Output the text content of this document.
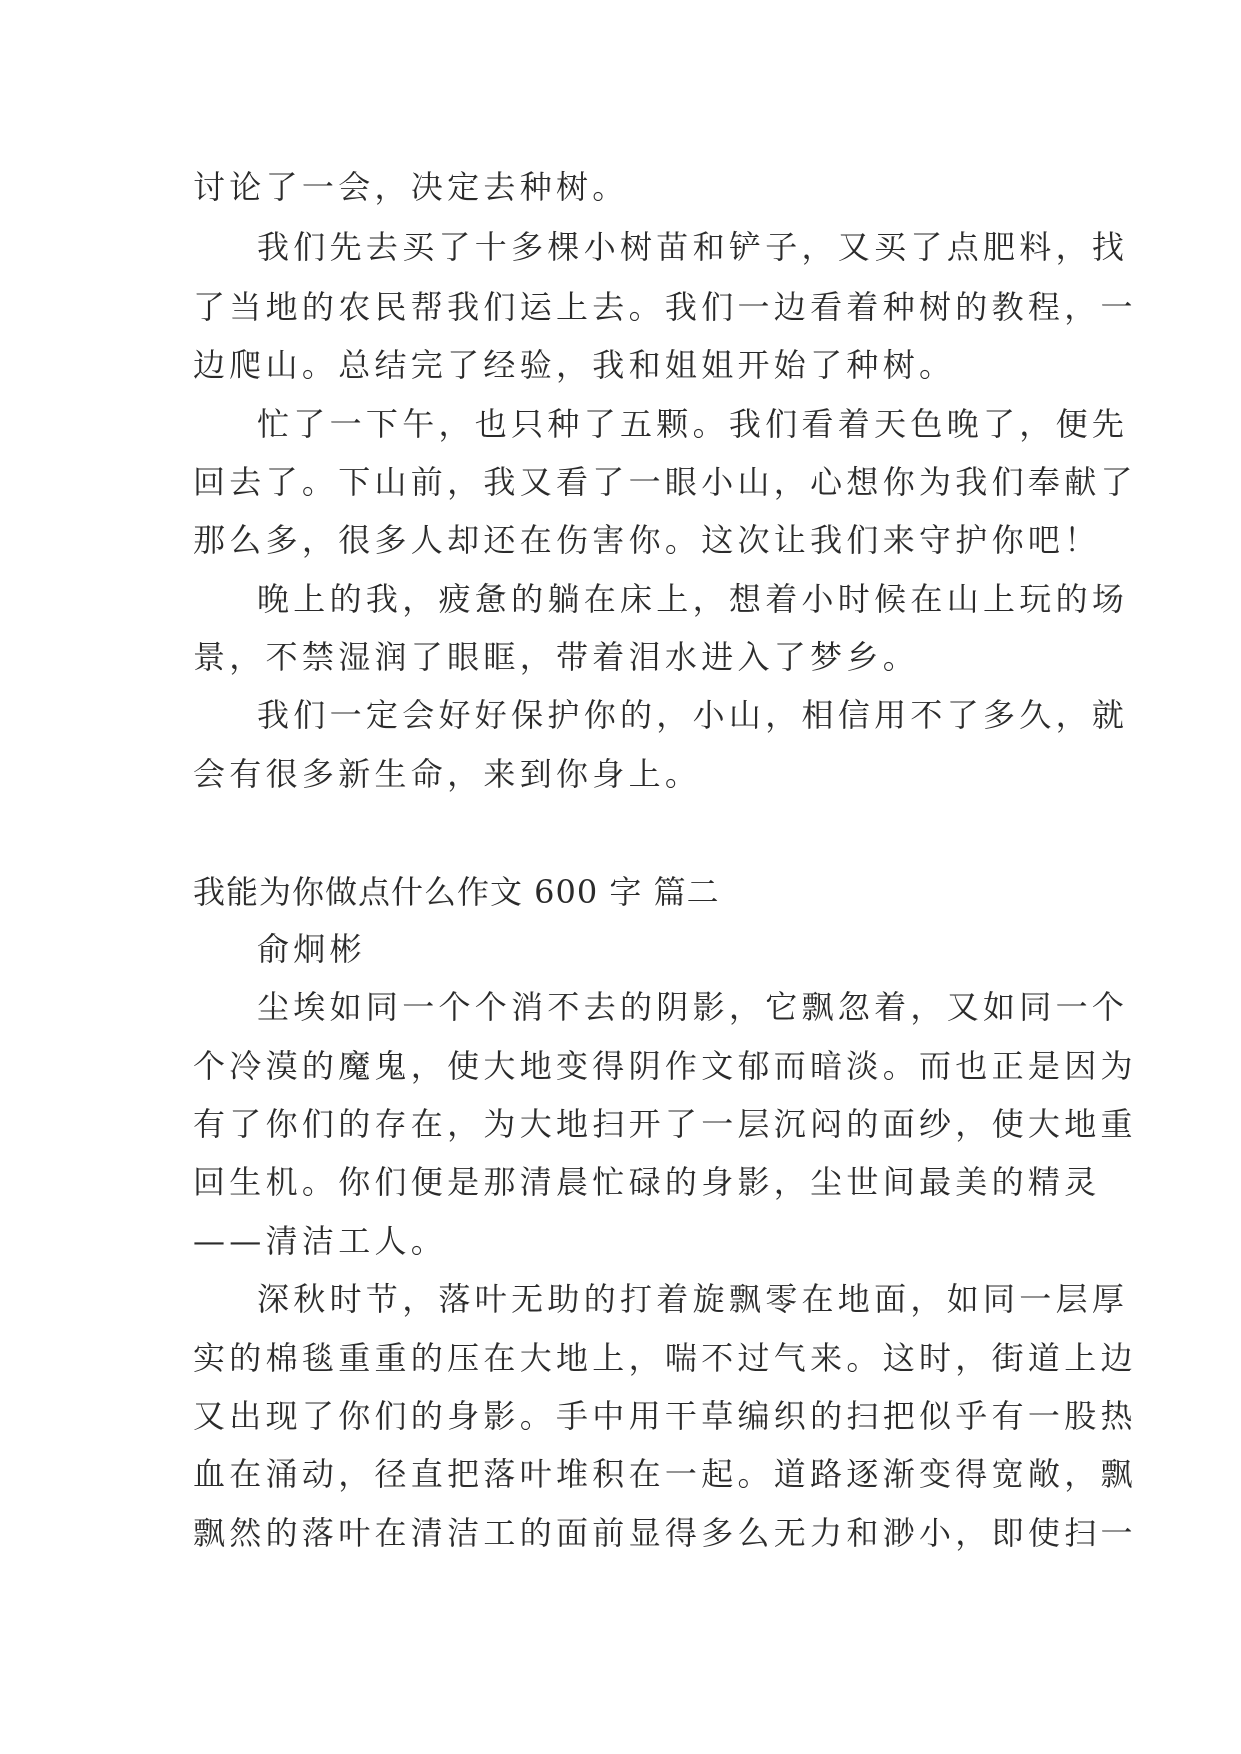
讨论了一会，决定去种树。

我们先去买了十多棵小树苗和铲子，又买了点肥料，找

了当地的农民帮我们运上去。我们一边看着种树的教程，一

边爬山。总结完了经验，我和姐姐开始了种树。

忙了一下午，也只种了五颗。我们看着天色晚了，便先

回去了。下山前，我又看了一眼小山，心想你为我们奉献了

那么多，很多人却还在伤害你。这次让我们来守护你吧！

晚上的我，疲惫的躺在床上，想着小时候在山上玩的场

景，不禁湿润了眼眶，带着泪水进入了梦乡。

我们一定会好好保护你的，小山，相信用不了多久，就

会有很多新生命，来到你身上。

我能为你做点什么作文 600 字 篇二

俞炯彬

尘埃如同一个个消不去的阴影，它飘忽着，又如同一个

个冷漠的魔鬼，使大地变得阴作文郁而暗淡。而也正是因为

有了你们的存在，为大地扫开了一层沉闷的面纱，使大地重

回生机。你们便是那清晨忙碌的身影，尘世间最美的精灵

——清洁工人。

深秋时节，落叶无助的打着旋飘零在地面，如同一层厚

实的棉毯重重的压在大地上，喘不过气来。这时，街道上边

又出现了你们的身影。手中用干草编织的扫把似乎有一股热

血在涌动，径直把落叶堆积在一起。道路逐渐变得宽敞，飘

飘然的落叶在清洁工的面前显得多么无力和渺小，即使扫一
